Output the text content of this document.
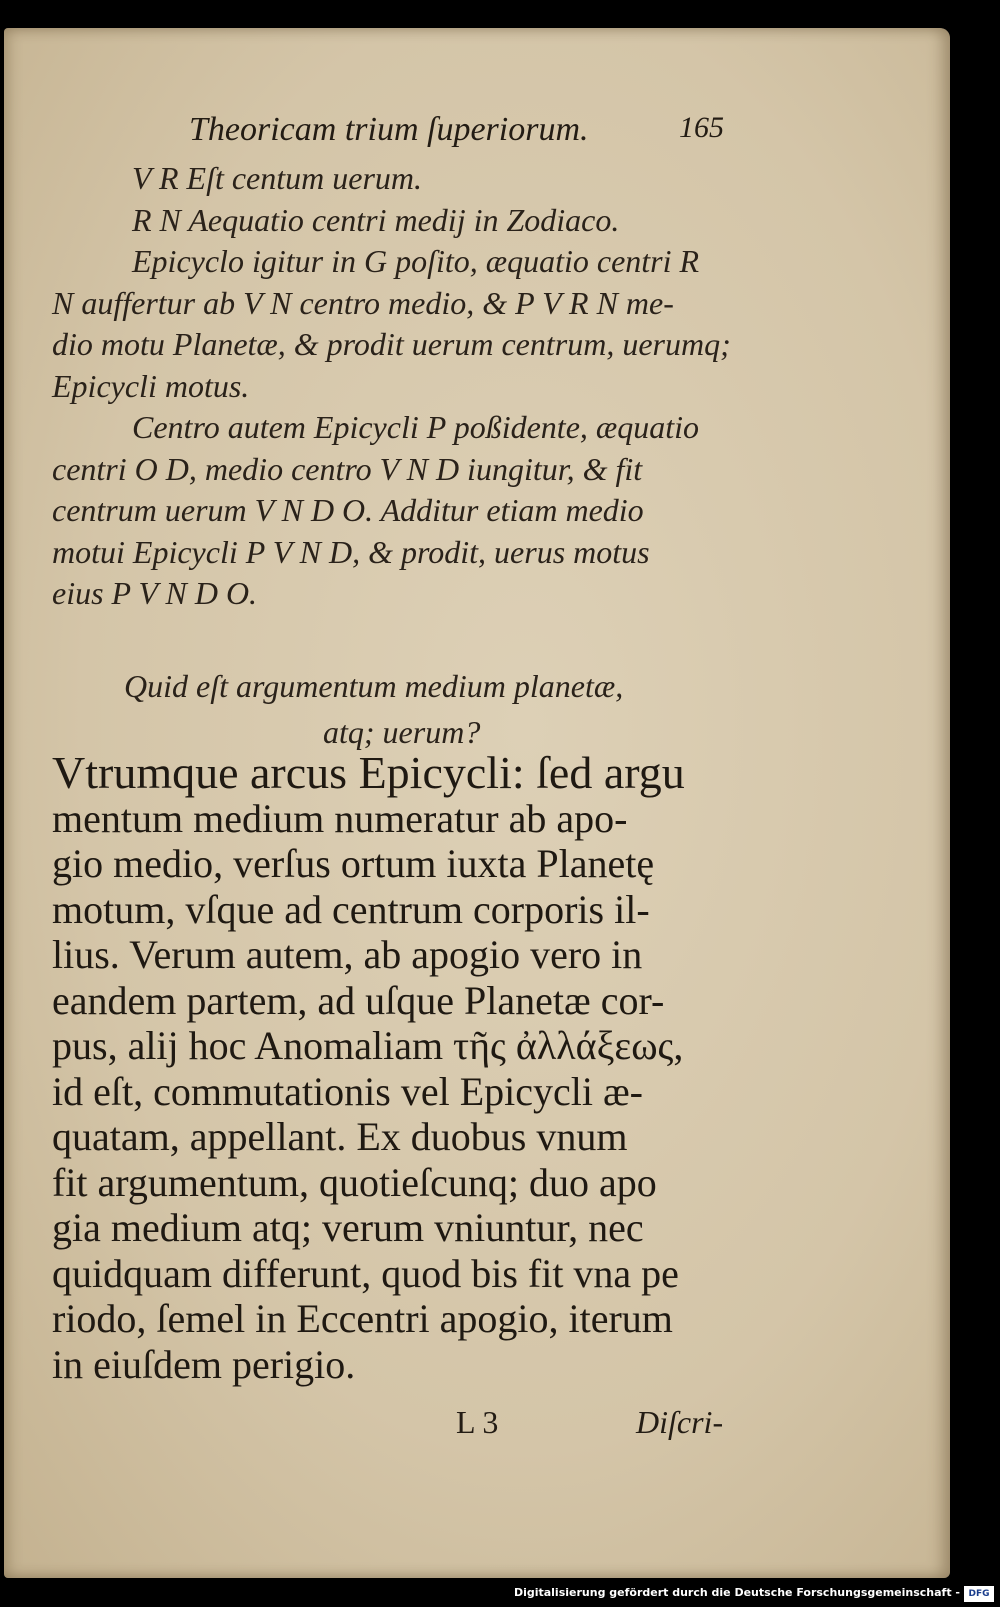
Theoricam trium ſuperiorum.	165
V R Eſt centum uerum.
R N Aequatio centri medij in Zodiaco.
Epicyclo igitur in G poſito, æquatio centri R
N auffertur ab V N centro medio, & P V R N me-
dio motu Planetæ, & prodit uerum centrum, uerumq;
Epicycli motus.
Centro autem Epicycli P poßidente, æquatio
centri O D, medio centro V N D iungitur, & fit
centrum uerum V N D O. Additur etiam medio
motui Epicycli P V N D, & prodit, uerus motus
eius P V N D O.
Quid eſt argumentum medium planetæ,
atq; uerum?
Vtrumque arcus Epicycli: ſed argu
mentum medium numeratur ab apo-
gio medio, verſus ortum iuxta Planetę
motum, vſque ad centrum corporis il-
lius. Verum autem, ab apogio vero in
eandem partem, ad uſque Planetæ cor-
pus, alij hoc Anomaliam τῆς ἀλλάξεως,
id eſt, commutationis vel Epicycli æ-
quatam, appellant. Ex duobus vnum
fit argumentum, quotieſcunq; duo apo
gia medium atq; verum vniuntur, nec
quidquam differunt, quod bis fit vna pe
riodo, ſemel in Eccentri apogio, iterum
in eiuſdem perigio.
L 3	Diſcri-
Digitalisierung gefördert durch die Deutsche Forschungsgemeinschaft - DFG
